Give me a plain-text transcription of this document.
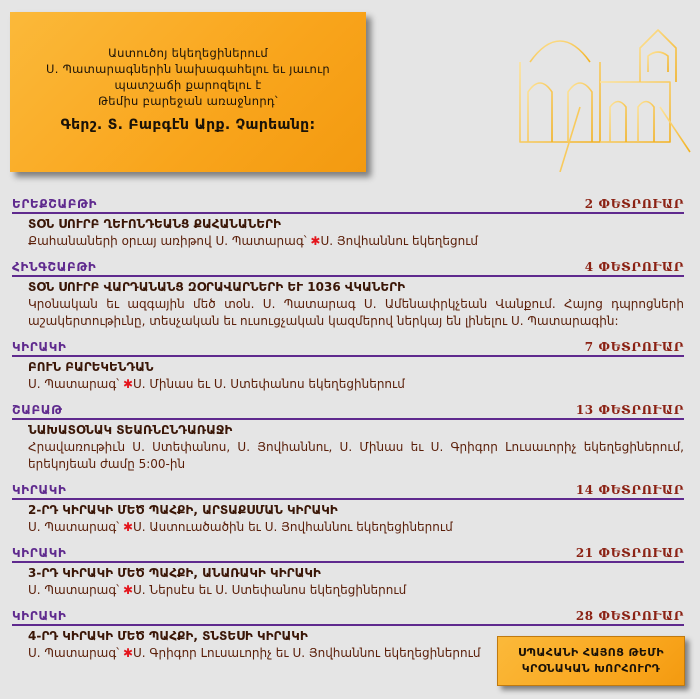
Աստուծոյ եկեղեցիներում
Ս. Պատարագներին նախագահելու եւ յաւուր
պատշաճի քարոզելու է
Թեմիս բարեջան առաջնորդ՝
Գերշ. Տ. Բաբգէն Արք. Չարեանը:
ԵՐԵՔՇԱԲԹԻ	2 ՓԵՏՐՈՒԱՐ
ՏՕՆ ՍՈՒՐԲ ՂԵՒՈՆԴԵԱՆՑ ՔԱՀԱՆԱՆԵՐԻ
Քահանաների օրւայ առիթով Ս. Պատարագ՝ ✱Ս. Յովհաննու եկեղեցում
ՀԻՆԳՇԱԲԹԻ	4 ՓԵՏՐՈՒԱՐ
ՏՕՆ ՍՈՒՐԲ ՎԱՐԴԱՆԱՆՑ ԶՕՐԱՎԱՐՆԵՐԻ ԵՒ 1036 ՎԿԱՆԵՐԻ
Կրօնական եւ ազգային մեծ տօն. Ս. Պատարագ Ս. Ամենափրկչեան Վանքում. Հայոց դպրոցների աշակերտութիւնը, տեսչական եւ ուսուցչական կազմերով ներկայ են լինելու Ս. Պատարագին:
ԿԻՐԱԿԻ	7 ՓԵՏՐՈՒԱՐ
ԲՈՒՆ ԲԱՐԵԿԵՆԴԱՆ
Ս. Պատարագ՝ ✱Ս. Մինաս եւ Ս. Ստեփանոս եկեղեցիներում
ՇԱԲԱԹ	13 ՓԵՏՐՈՒԱՐ
ՆԱԽԱՏՕՆԱԿ ՏԵԱՌՆԸՆԴԱՌԱՋԻ
Հրավառութիւն Ս. Ստեփանոս, Ս. Յովհաննու, Ս. Մինաս եւ Ս. Գրիգոր Լուսաւորիչ եկեղեցիներում, երեկոյեան ժամը 5:00-ին
ԿԻՐԱԿԻ	14 ՓԵՏՐՈՒԱՐ
2-ՐԴ ԿԻՐԱԿԻ ՄԵԾ ՊԱՀՔԻ, ԱՐՏԱՔՍՄԱՆ ԿԻՐԱԿԻ
Ս. Պատարագ՝ ✱Ս. Աստուածածին եւ Ս. Յովհաննու եկեղեցիներում
ԿԻՐԱԿԻ	21 ՓԵՏՐՈՒԱՐ
3-ՐԴ ԿԻՐԱԿԻ ՄԵԾ ՊԱՀՔԻ, ԱՆԱՌԱԿԻ ԿԻՐԱԿԻ
Ս. Պատարագ՝ ✱Ս. Ներսէս եւ Ս. Ստեփանոս եկեղեցիներում
ԿԻՐԱԿԻ	28 ՓԵՏՐՈՒԱՐ
4-ՐԴ ԿԻՐԱԿԻ ՄԵԾ ՊԱՀՔԻ, ՏՆՏԵՍԻ ԿԻՐԱԿԻ
Ս. Պատարագ՝ ✱Ս. Գրիգոր Լուսաւորիչ եւ Ս. Յովհաննու եկեղեցիներում	ՍՊԱՀԱՆԻ ՀԱՅՈՑ ԹԵՄԻ
ԿՐՕՆԱԿԱՆ ԽՈՐՀՈՒՐԴ
